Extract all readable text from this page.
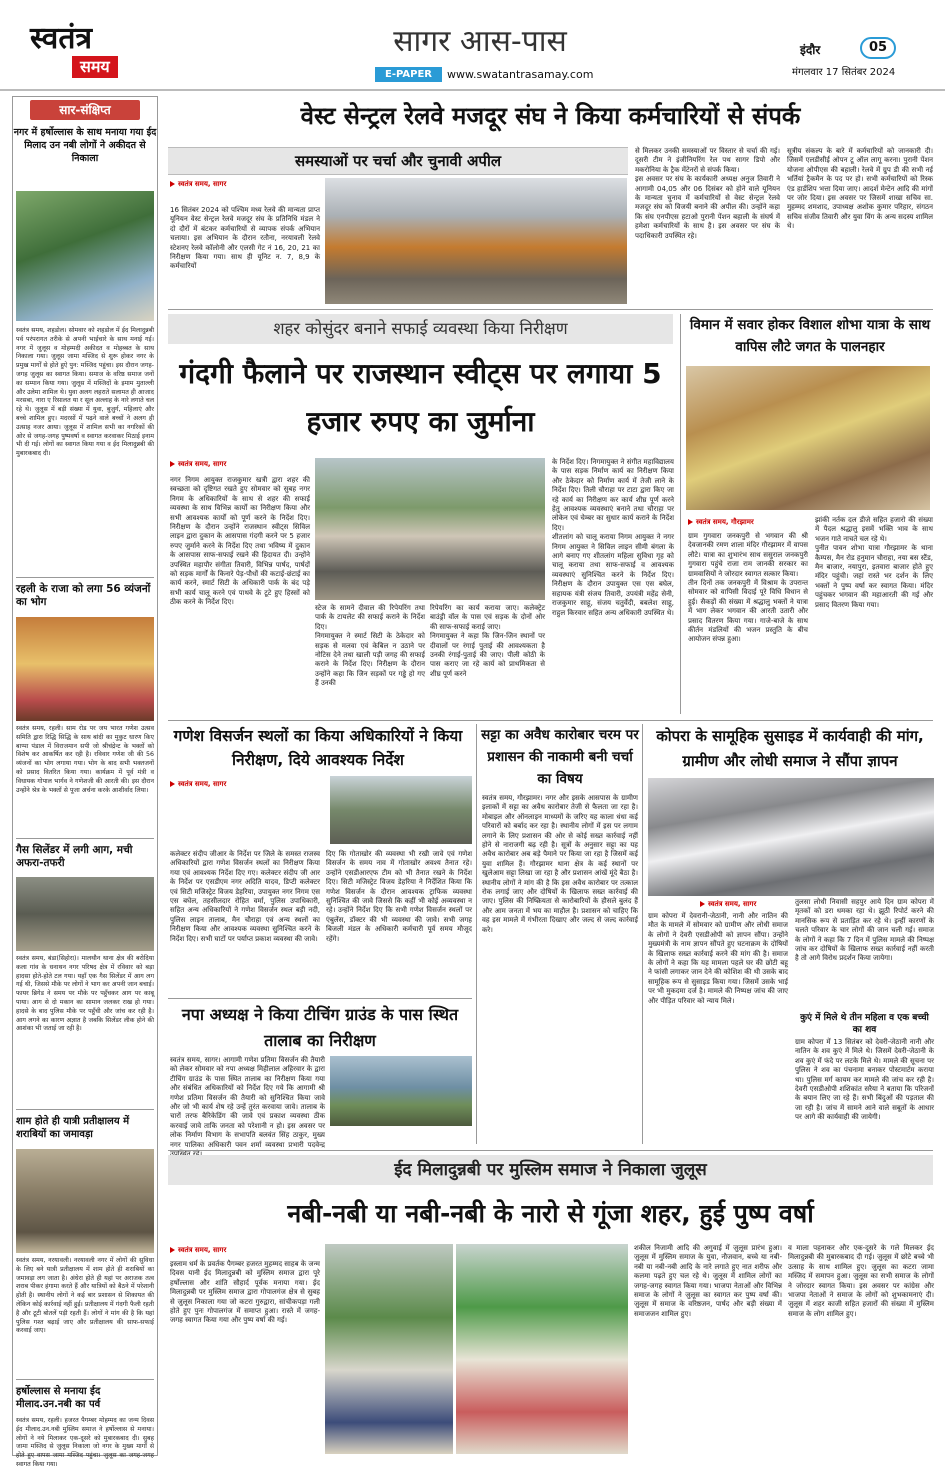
स्वतंत्र
समय
सागर आस-पास
E-PAPER	www.swatantrasamay.com
इंदौर	05
मंगलवार 17 सितंबर 2024
सार-संक्षिप्त
नगर में हर्षोल्लास के साथ मनाया गया ईद मिलाद उन नबी लोगों ने अकीदत से निकाला
स्वतंत्र समय, शहडोल। सोमवार को शहडोल में ईद मिलादुन्नबी पर्व परंपरागत तरीके से अपनी भाईचारे के साथ मनाई गई। नगर में जुलूस व मोहम्मदी अकीदत व मोहब्बत के साथ निकाला गया। जुलूस जामा मस्जिद से शुरू होकर नगर के प्रमुख मार्गों से होते हुऐ पुन: मस्जिद पहुंचा। इस दौरान जगह-जगह जुलूस का स्वागत किया। समाज के वरिष्ठ समाज जनों का सम्मान किया गया। जुलूस में मस्जिदों के इमाम मुताल्ली और उलेमा शामिल थे। युवा अलग लहराते सलामत ही आजाद मरसबा, नारा ए रिसालत या र सूल अल्लाह के नारे लगाते चल रहे थे। जुलूस में बड़ी संख्या में युवा, बुजुर्ग, महिलाएं और बच्चे शामिल हुए। मदरसों में पढ़ने वाले बच्चों ने अलग ही उत्साह नजर आया। जुलूस में शामिल सभी का नगरिकों की ओर से जगह-जगह पुष्पवर्षा व स्वागत करवाकर मिठाई इनाम भी दी गई। लोगों का स्वागत किया गया व ईद मिलादुन्नबी की मुबारकबाद दी।
रहली के राजा को लगा 56 व्यंजनों का भोग
स्वतंत्र समय, रहली। साम रोड पर जय भारत गणेश उत्सव समिति द्वारा रिद्धि सिद्धि के साथ बांदी का मुकुट धारण किए बाप्पा पंडाल में विराजमान सपी जो श्रीचंद्रेन्ट के भक्तों को विशेष कर आकर्षित कर रही है। रविवार गणेश जी की 56 व्यंजनों का भोग लगाया गया। भोग के बाद सभी भक्तजनों को प्रसाद वितरित किया गया। कार्यक्रम में पूर्व मंत्री व विधायक गोपाल भार्गव ने गणेशजी की आरती की। इस दौरान उन्होंने श्रेत्र के भक्तों से पूजा अर्चना करके आशीर्वाद लिया।
गैस सिलेंडर में लगी आग, मची अफरा-तफरी
स्वतंत्र समय, बंडा(सिहोरा)। मालथौन थाना क्षेत्र की बरोदिया कला गांव के धनाथन नगर परिषद क्षेत्र में रविवार को बड़ा हादसा होते-होते टल गया। यहाँ एक गैस सिलेंडर में आग लग गई थी, जिससे मौके पर लोगों ने भाग कर अपनी जान बचाई। फायर ब्रिगेड ने समय पर मौके पर पहुँचकर आग पर काबू पाया। आग से दो मकान का सामान जलकर राख हो गया। हादसे के बाद पुलिस मौके पर पहुँची और जांच कर रही है। आग लगने का कारण अज्ञात है जबकि सिलेंडर लीक होने की आशंका भी जताई जा रही है।
शाम होते ही यात्री प्रतीक्षालय में शराबियों का जमावड़ा
स्वतंत्र समय, नरयावली। नरयावली नगर में लोगों की सुविधा के लिए बने यात्री प्रतीक्षालय में शाम होते ही शराबियों का जमावड़ा लग जाता है। अंधेरा होते ही यहां पर अराजक तत्व शराब पीकर हंगामा करते हैं और यात्रियों को बैठने में परेशानी होती है। स्थानीय लोगों ने कई बार प्रशासन से शिकायत की लेकिन कोई कार्रवाई नहीं हुई। प्रतीक्षालय में गंदगी फैली रहती है और टूटी बोतलें पड़ी रहती हैं। लोगों ने मांग की है कि यहां पुलिस गश्त बढ़ाई जाए और प्रतीक्षालय की साफ-सफाई करवाई जाए।
हर्षोल्लास से मनाया ईद मीलाद.उन.नबी का पर्व
स्वतंत्र समय, रहली। हजरत पैगम्बर मोहम्मद का जन्म दिवस ईद मीलाद.उन.नबी मुस्लिम समाज ने हर्षोल्लास से मनाया। लोगों ने नये मिलाकर एक-दूसरे को मुबारकबाद दी। सुबह जामा मस्जिद से जुलूस निकाला जो नगर के मुख्य मार्गों से होते हुए वापस जामा मस्जिद पहुंचा। जुलूस का जगह-जगह स्वागत किया गया।
वेस्ट सेन्ट्रल रेलवे मजदूर संघ ने किया कर्मचारियों से संपर्क
समस्याओं पर चर्चा और चुनावी अपील
स्वतंत्र समय, सागर
16 सितंबर 2024 को पश्चिम मध्य रेलवे की मान्यता प्राप्त यूनियन वेस्ट सेन्ट्रल रेलवे मजदूर संघ के प्रतिनिधि मंडल ने दो दौरों में बंटकर कर्मचारियों से व्यापक संपर्क अभियान चलाया। इस अभियान के दौरान रतौना, नरयावली रेलवे स्टेशनए रेलवे कॉलोनी और एलसी गेट नं 16, 20, 21 का निरीक्षण किया गया। साथ ही यूनिट न. 7, 8,9 के कर्मचारियों
से मिलकर उनकी समस्याओं पर विस्तार से चर्चा की गई। दूसरी टीम ने इंजीनियरिंग रेल पथ सागर डिपो और मकरोनिया के ट्रैक मेंटेनरों से संपर्क किया।
इस अवसर पर संघ के कार्यकारी अध्यक्ष अनुज तिवारी ने आगामी 04,05 और 06 दिसंबर को होने वाले यूनियन के मान्यता चुनाव में कर्मचारियों से वेस्ट सेन्ट्रल रेलवे मजदूर संघ को विजयी बनाने की अपील की। उन्होंने कहा कि संघ एनपीएस हटाओ पुरानी पेंशन बहाली के संघर्ष में हमेशा कर्मचारियों के साथ है। इस अवसर पर संघ के पदाधिकारी उपस्थित रहे।
सूत्रीय संकल्प के बारे में कर्मचारियों को जानकारी दी। जिसमें एलडीसीई ओपन टू ऑल लागू करना। पुरानी पेंशन योजना ओपीएस की बहाली। रेलवे में ग्रुप डी की सभी नई भर्तियां ट्रैकमैन के पद पर हो। सभी कर्मचारियों को रिस्क एंड हार्डशिप भत्ता दिया जाए। आदर्श मेन्टेन आदि की मांगों पर जोर दिया। इस अवसर पर जिसमें शाखा सचिव सा. मुहम्मद शमशाद, उपाध्यक्ष अशोक कुमार परिहार, संगठन सचिव संजीव तिवारी और युवा विंग के अन्य सदस्य शामिल थे।
शहर कोसुंदर बनाने सफाई व्यवस्था किया निरीक्षण
गंदगी फैलाने पर राजस्थान स्वीट्स पर लगाया 5 हजार रुपए का जुर्माना
स्वतंत्र समय, सागर
नगर निगम आयुक्त राजकुमार खत्री द्वारा शहर की स्वच्छता को दृष्टिगत रखते हुए सोमवार को सुबह नगर निगम के अधिकारियों के साथ से शहर की सफाई व्यवस्था के साथ विभिन्न कार्यों का निरीक्षण किया और सभी आवश्यक कार्यों को पूर्ण करने के निर्देश दिए। निरीक्षण के दौरान उन्होंने राजस्थान स्वीट्स सिविल लाइन द्वारा दुकान के आसपास गंदगी करने पर 5 हजार रुपए जुर्माने करने के निर्देश दिए तथा भविष्य में दुकान के आसपास साफ-सफाई रखने की हिदायत दी। उन्होंने उपस्थित महापौर संगीता तिवारी, विभिन्न पार्षद, पार्षदों को सड़क मार्गों के किनारे पेड़-पौधों की कटाई-छंटाई का कार्य करने, स्मार्ट सिटी के अधिकारी पार्क के बंद पड़े सभी कार्य चालू करने एवं पाथवे के टूटे हुए हिस्सों को ठीक करने के निर्देश दिए।
स्टेज के सामने दीवाल की रिपेयरिंग तथा पार्क के टायलेट की सफाई कराने के निर्देश दिए।
निगमायुक्त ने स्मार्ट सिटी के ठेकेदार को सड़क से मलवा एवं केबिल न उठाने पर नोटिस देने तथा खाली पड़ी जगह की सफाई कराने के निर्देश दिए। निरीक्षण के दौरान उन्होंने कहा कि जिन सड़कों पर गड्ढे हो गए हैं उनकी
रिपेयरिंग का कार्य कराया जाए। कलेक्ट्रेट बाउंड्री वॉल के पास एवं सड़क के दोनों ओर की साफ-सफाई कराई जाए।
निगमायुक्त ने कहा कि जिन-जिन स्थानों पर दीवालों पर रंगाई पुताई की आवश्यकता है उनकी रंगाई-पुताई की जाए। पीली कोठी के पास कराए जा रहे कार्य को प्राथमिकता से शीघ्र पूर्ण करने
के निर्देश दिए। निगमायुक्त ने संगीत महाविद्यालय के पास सड़क निर्माण कार्य का निरीक्षण किया और ठेकेदार को निर्माण कार्य में तेजी लाने के निर्देश दिए। तिली चौराहा पर टाटा द्वारा किए जा रहे कार्य का निरीक्षण कर कार्य शीघ्र पूर्ण करने हेतु आवश्यक व्यवस्थाएं बनाने तथा चौराहा पर लोकेन एवं चेम्बर का सुधार कार्य कराने के निर्देश दिए।
शीतलांग को चालू कराया निगम आयुक्त ने नगर निगम आयुक्त ने सिविल लाइन सीमी बंगला के आगे बनाए गए शीतलांग महिला सुविधा गृह को चालू कराया तथा साफ-सफाई व आवश्यक व्यवस्थाएं सुनिश्चित करने के निर्देश दिए। निरीक्षण के दौरान उपायुक्त एस एस बघेल, सहायक यंत्री संजय तिवारी, उपयंत्री महेंद्र सेनी, राजकुमार साहू, संजय चतुर्वेदी, बबलेश साहू, राहुल किरवार सहित अन्य अधिकारी उपस्थित थे।
विमान में सवार होकर विशाल शोभा यात्रा के साथ वापिस लौटे जगत के पालनहार
स्वतंत्र समय, गौरझामर
ग्राम गुगवारा जनकपुरी से भगवान की श्री देवजानकी रमण शाला मंदिर गौरझामर में वापस लौटे। यात्रा का शुभारंभ साथ ससुराल जनकपुरी गुगवारा पहुंचे राजा राम जानकी सरकार का ग्रामवासियों ने जोरदार स्वागत सत्कार किया।
तीन दिनों तक जनकपुरी में विश्राम के उपरान्त सोमवार को वापिसी विदाई पूरे विधि विधान से हुई। सैकड़ों की संख्या में श्रद्धालु भक्तों ने यात्रा में भाग लेकर भगवान की आरती उतारी और प्रसाद वितरण किया गया। गाजे-बाजे के साथ कीर्तन मंडलियों की भजन प्रस्तुति के बीच आयोजन संपन्न हुआ।
झांकी नर्तक दल डीजे सहित हजारो की संख्या में पैदल श्रद्धालु इसमें भक्ति भाव के साथ भजन गाते नाचते चल रहे थे।
पुनीत पावन शोभा यात्रा गौरझामर के थाना कैम्पस, मैन रोड हनुमान चौराहा, नया बस स्टैंड, मैन बाजार, नयापुरा, इतवारा बाजार होते हुए मंदिर पहुंची। जहां रास्ते भर दर्शन के लिए भक्तों ने पुष्प वर्षा कर स्वागत किया। मंदिर पहुंचकर भगवान की महाआरती की गई और प्रसाद वितरण किया गया।
गणेश विसर्जन स्थलों का किया अधिकारियों ने किया निरीक्षण, दिये आवश्यक निर्देश
स्वतंत्र समय, सागर
कलेक्टर संदीप जीआर के निर्देश पर जिले के समस्त राजस्व अधिकारियों द्वारा गणेश विसर्जन स्थलों का निरीक्षण किया गया एवं आवश्यक निर्देश दिए गए। कलेक्टर संदीप जी आर के निर्देश पर एसडीएम नगर अदिति यादव, डिप्टी कलेक्टर एवं सिटी मजिस्ट्रेट विजय डेहरिया, उपायुक्त नगर निगम एस एस बघेल, तहसीलदार रोहित वर्मा, पुलिस उपाधिकारी, सहित अन्य अधिकारियों ने गणेश विसर्जन स्थल बड़ी नदी, पुलिस लाइन तालाब, मैन चौराहा एवं अन्य स्थलों का निरीक्षण किया और आवश्यक व्यवस्था सुनिश्चित करने के निर्देश दिए। सभी घाटों पर पर्याप्त प्रकाश व्यवस्था की जावे।
दिए कि गोताखोर की व्यवस्था भी रखी जावे एवं गणेश विसर्जन के समय नाव में गोताखोर अवश्य तैनात रहे। उन्होंने एसडीआरएफ टीम को भी तैनात रखने के निर्देश दिए। सिटी मजिस्ट्रेट विजय डेहरिया ने निर्देशित किया कि गणेश विसर्जन के दौरान आवश्यक ट्राफिक व्यवस्था सुनिश्चित की जावे जिससे कि कहीं भी कोई अव्यवस्था न रहे। उन्होंने निर्देश दिए कि सभी गणेश विसर्जन स्थलों पर एंबुलेंस, डॉक्टर की भी व्यवस्था की जावे। सभी जगह बिजली मंडल के अधिकारी कर्मचारी पूर्व समय मौजूद रहेंगे।
नपा अध्यक्ष ने किया टीचिंग ग्राउंड के पास स्थित तालाब का निरीक्षण
स्वतंत्र समय, सागर। आगामी गणेश प्रतिमा विसर्जन की तैयारी को लेकर सोमवार को नपा अध्यक्ष मिहीलाल अहिरवार के द्वारा टीचिंग ग्राउंड के पास स्थित तालाब का निरीक्षण किया गया और संबंधित अधिकारियों को निर्देश दिए गये कि आगामी श्री गणेश प्रतिमा विसर्जन की तैयारी को सुनिश्चित किया जावे और जो भी कार्य शेष रहे उन्हें तुरंत करवाया जावे। तालाब के चारों तरफ बैरिकेडिंग की जावे एवं प्रकाश व्यवस्था ठीक करवाई जावे ताकि जनता को परेशानी न हो। इस अवसर पर लोक निर्माण विभाग के सभापति बलवंत सिंह ठाकुर, मुख्य नगर पालिका अधिकारी पवन शर्मा व्यवस्था प्रभारी पदवेन्द्र
सट्टा का अवैध कारोबार चरम पर प्रशासन की नाकामी बनी चर्चा का विषय
स्वतंत्र समय, गौरझामर। नगर और इसके आसपास के ग्रामीण इलाकों में सट्टा का अवैध कारोबार तेजी से फैलता जा रहा है। मोबाइल और ऑनलाइन माध्यमों के जरिए यह काला धंधा कई परिवारों को बर्बाद कर रहा है। स्थानीय लोगों में इस पर लगाम लगाने के लिए प्रशासन की ओर से कोई सख्त कार्रवाई नहीं होने से नाराजगी बढ़ रही है। सूत्रों के अनुसार सट्टा का यह अवैध कारोबार अब बड़े पैमाने पर किया जा रहा है जिसमें कई युवा शामिल हैं। गौरझामर थाना क्षेत्र के कई स्थानों पर खुलेआम सट्टा लिखा जा रहा है और प्रशासन आंखें मूंदे बैठा है। स्थानीय लोगों ने मांग की है कि इस अवैध कारोबार पर तत्काल रोक लगाई जाए और दोषियों के खिलाफ सख्त कार्रवाई की जाए। पुलिस की निष्क्रियता से कारोबारियों के हौसले बुलंद हैं और आम जनता में भय का माहौल है। प्रशासन को चाहिए कि वह इस मामले में गंभीरता दिखाए और जल्द से जल्द कार्रवाई करे।
कोपरा के सामूहिक सुसाइड में कार्यवाही की मांग, ग्रामीण और लोधी समाज ने सौंपा ज्ञापन
स्वतंत्र समय, सागर
ग्राम कोपरा में देवरानी-जेठानी, नानी और नातिन की मौत के मामले में सोमवार को ग्रामीण और लोधी समाज के लोगों ने देवरी एसडीओपी को ज्ञापन सौंपा। उन्होंने मुख्यमंत्री के नाम ज्ञापन सौंपते हुए घटनाक्रम के दोषियों के खिलाफ सख्त कार्रवाई करने की मांग की है। समाज के लोगों ने कहा कि यह मामला पहले घर की छोटी बहू ने फांसी लगाकर जान देने की कोशिश की थी उसके बाद सामूहिक रूप से सुसाइड किया गया। जिसमें उसके भाई पर भी मुकदमा दर्ज है। मामले की निष्पक्ष जांच की जाए और पीड़ित परिवार को न्याय मिले।
तुलसा लोधी निवासी सहपुर आये दिन ग्राम कोपरा में मृतकों को डरा धमका रहा थे। झूठी रिपोर्ट करने की मानसिक रूप से प्रताड़ित कर रहे थे। इन्हीं कारणों के चलते परिवार के चार लोगों की जान चली गई। समाज के लोगों ने कहा कि 7 दिन में पुलिस मामले की निष्पक्ष जांच कर दोषियों के खिलाफ सख्त कार्रवाई नहीं करती है तो आगे विरोध प्रदर्शन किया जायेगा।
कुएं में मिले थे तीन महिला व एक बच्ची का शव
ग्राम कोपरा में 13 सितंबर को देवरी-जेठानी नानी और नातिन के शव कुएं में मिले थे। जिसमें देवरी-जेठानी के शव कुएं में फंदे पर लटके मिले थे। मामले की सूचना पर पुलिस ने शव का पंचनामा बनाकर पोस्टमार्टम कराया था। पुलिस मर्ग कायम कर मामले की जांच कर रही है। देवरी एसडीओपी शशिकांत सरैया ने बताया कि परिजनों के बयान लिए जा रहे हैं। सभी बिंदुओं की पड़ताल की जा रही है। जांच में सामने आने वाले सबूतों के आधार पर आगे की कार्यवाही की जायेगी।
ईद मिलादुन्नबी पर मुस्लिम समाज ने निकाला जुलूस
नबी-नबी या नबी-नबी के नारो से गूंजा शहर, हुई पुष्प वर्षा
स्वतंत्र समय, सागर
इस्लाम धर्म के प्रवर्तक पैगम्बर हजरत मुहम्मद साहब के जन्म दिवस यानी ईद मिलादुन्नबी को मुस्लिम समाज द्वारा पूरे हर्षोल्लास और शांति सौहार्द पूर्वक मनाया गया। ईद मिलादुन्नबी पर मुस्लिम समाज द्वारा गोपालगंज क्षेत्र से सुबह से जुलूस निकाला गया जो कटरा गुरुद्वारा, सांचीकपड़ा गली होते हुए पुनः गोपालगंज में समाप्त हुआ। रास्ते में जगह-जगह स्वागत किया गया और पुष्प वर्षा की गई।
शकील निजामी आदि की अगुवाई में जुलूस प्रारंभ हुआ। जुलूस में मुस्लिम समाज के युवा, नौजवान, बच्चे या नबी-नबी या नबी-नबी आदि के नारे लगाते हुए नात शरीफ और कलमा पढ़ते हुए चल रहे थे। जुलूस में शामिल लोगों का जगह-जगह स्वागत किया गया। भाजपा नेताओं और विभिन्न समाज के लोगों ने जुलूस का स्वागत कर पुष्प वर्षा की। जुलूस में समाज के वरिष्ठजन, पार्षद और बड़ी संख्या में समाजजन शामिल हुए।
व माला पहनाकर और एक-दूसरे के गले मिलकर ईद मिलादुन्नबी की मुबारकबाद दी गई। जुलूस में छोटे बच्चे भी उत्साह के साथ शामिल हुए। जुलूस का कटरा जामा मस्जिद में समापन हुआ। जुलूस का सभी समाज के लोगों ने जोरदार स्वागत किया। इस अवसर पर कांग्रेस और भाजपा नेताओं ने समाज के लोगों को शुभकामनाएं दी। जुलूस में शहर काजी सहित हजारों की संख्या में मुस्लिम समाज के लोग शामिल हुए।
